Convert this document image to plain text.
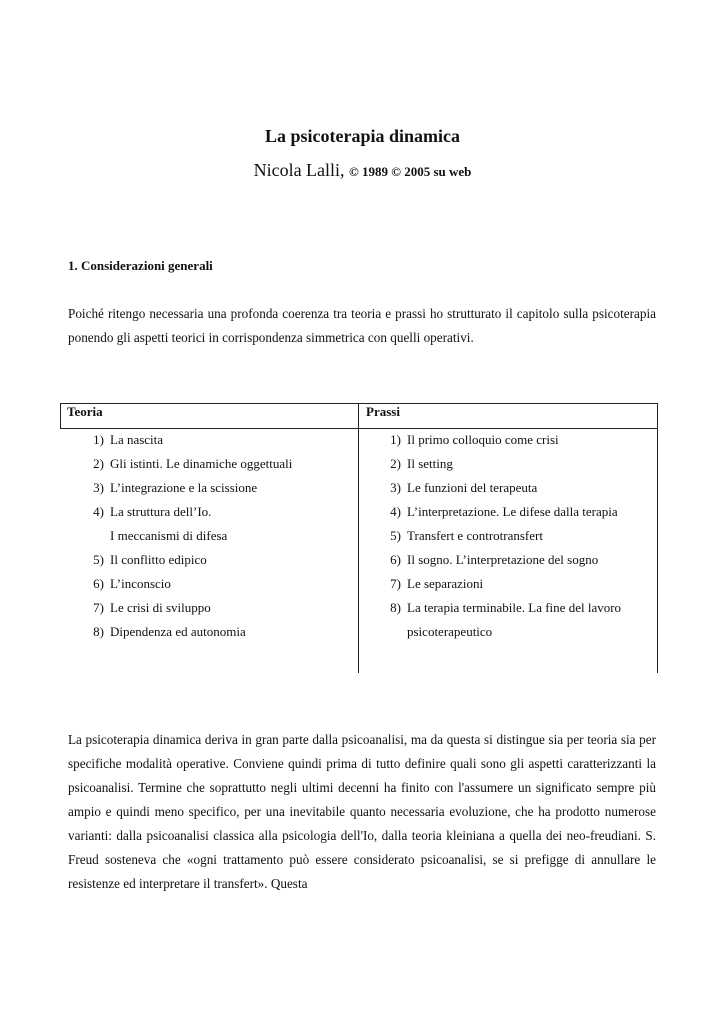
La psicoterapia dinamica
Nicola Lalli, © 1989 © 2005 su web
1. Considerazioni generali

Poiché ritengo necessaria una profonda coerenza tra teoria e prassi ho strutturato il capitolo sulla psicoterapia ponendo gli aspetti teorici in corrispondenza simmetrica con quelli operativi.

Teoria	Prassi
1) La nascita
2) Gli istinti. Le dinamiche oggettuali
3) L’integrazione e la scissione
4) La struttura dell’Io.
I meccanismi di difesa
5) Il conflitto edipico
6) L’inconscio
7) Le crisi di sviluppo
8) Dipendenza ed autonomia
1) Il primo colloquio come crisi
2) Il setting
3) Le funzioni del terapeuta
4) L’interpretazione. Le difese dalla terapia
5) Transfert e controtransfert
6) Il sogno. L’interpretazione del sogno
7) Le separazioni
8) La terapia terminabile. La fine del lavoro
psicoterapeutico

La psicoterapia dinamica deriva in gran parte dalla psicoanalisi, ma da questa si distingue sia per teoria sia per specifiche modalità operative. Conviene quindi prima di tutto definire quali sono gli aspetti caratterizzanti la psicoanalisi. Termine che soprattutto negli ultimi decenni ha finito con l'assumere un significato sempre più ampio e quindi meno specifico, per una inevitabile quanto necessaria evoluzione, che ha prodotto numerose varianti: dalla psicoanalisi classica alla psicologia dell'Io, dalla teoria kleiniana a quella dei neo-freudiani. S. Freud sosteneva che «ogni trattamento può essere considerato psicoanalisi, se si prefigge di annullare le resistenze ed interpretare il transfert». Questa
